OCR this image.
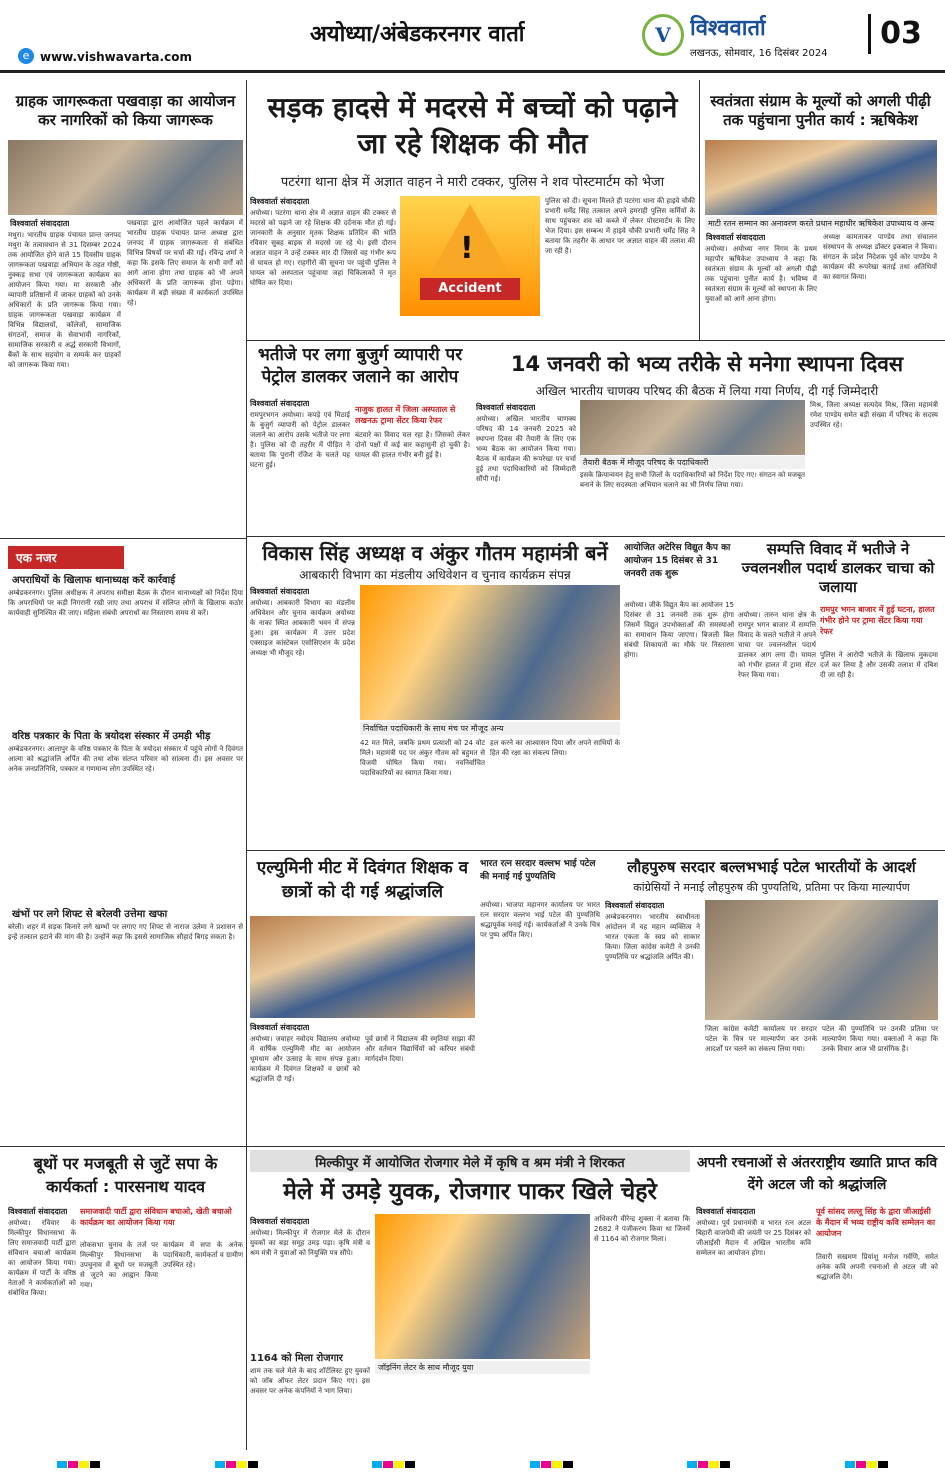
अयोध्या/अंबेडकरनगर वार्ता
e www.vishwavarta.com
V विश्ववार्ता
लखनऊ, सोमवार, 16 दिसंबर 2024
03
ग्राहक जागरूकता पखवाड़ा का आयोजन कर नागरिकों को किया जागरूक
विश्ववार्ता संवाददाता
मथुरा। भारतीय ग्राहक पंचायत प्रान्त जनपद मथुरा के तत्वावधान से 31 दिसम्बर 2024 तक आयोजित होने वाले 15 दिवसीय ग्राहक जागरूकता पखवाड़ा अभियान के तहत गोष्ठी, नुक्कड़ सभा एवं जागरूकता कार्यक्रम का आयोजन किया गया। मा सरकारी और व्यापारी प्रतिष्ठानों में जाकर ग्राहकों को उनके अधिकारों के प्रति जागरूक किया गया। ग्राहक जागरूकता पखवाड़ा कार्यक्रम में विभिन्न विद्यालयों, कॉलेजों, सामाजिक संगठनों, समाज के सेवाभावी नागरिकों, सामाजिक सरकारी व अर्द्ध सरकारी विभागों, बैंकों के साथ सहयोग व सम्पर्क कर ग्राहकों को जागरूक किया गया।
पखवाड़ा द्वारा आयोजित पहले कार्यक्रम में भारतीय ग्राहक पंचायत प्रान्त अध्यक्ष द्वारा जनपद में ग्राहक जागरूकता से संबंधित विभिन्न विषयों पर चर्चा की गई। रविन्द्र शर्मा ने कहा कि इसके लिए समाज के सभी वर्गों को आगे आना होगा तथा ग्राहक को भी अपने अधिकारों के प्रति जागरूक होना पड़ेगा। कार्यक्रम में बड़ी संख्या में कार्यकर्ता उपस्थित रहे।
एक नजर
अपराधियों के खिलाफ थानाध्यक्ष करें कार्रवाई
अम्बेडकरनगर। पुलिस अधीक्षक ने अपराध समीक्षा बैठक के दौरान थानाध्यक्षों को निर्देश दिया कि अपराधियों पर कड़ी निगरानी रखी जाए तथा अपराध में संलिप्त लोगों के खिलाफ कठोर कार्यवाही सुनिश्चित की जाए। महिला संबंधी अपराधों का निस्तारण समय से करें।
वरिष्ठ पत्रकार के पिता के त्रयोदश संस्कार में उमड़ी भीड़
अम्बेडकरनगर। आलापुर के वरिष्ठ पत्रकार के पिता के त्रयोदश संस्कार में पहुंचे लोगों ने दिवंगत आत्मा को श्रद्धांजलि अर्पित की तथा शोक संतप्त परिवार को सांत्वना दी। इस अवसर पर अनेक जनप्रतिनिधि, पत्रकार व गणमान्य लोग उपस्थित रहे।
खंभों पर लगे शिफ्ट से बरेलवी उत्तेमा खफा
बरेली। शहर में सड़क किनारे लगे खम्भों पर लगाए गए शिफ्ट से नाराज उलेमा ने प्रशासन से इन्हें तत्काल हटाने की मांग की है। उन्होंने कहा कि इससे सामाजिक सौहार्द बिगड़ सकता है।
सड़क हादसे में मदरसे में बच्चों को पढ़ाने जा रहे शिक्षक की मौत
पटरंगा थाना क्षेत्र में अज्ञात वाहन ने मारी टक्कर, पुलिस ने शव पोस्टमार्टम को भेजा
विश्ववार्ता संवाददाता
अयोध्या। पटरंगा थाना क्षेत्र में अज्ञात वाहन की टक्कर से मदरसे को पढ़ाने जा रहे शिक्षक की दर्दनाक मौत हो गई। जानकारी के अनुसार मृतक शिक्षक प्रतिदिन की भांति रविवार सुबह बाइक से मदरसे जा रहे थे। इसी दौरान अज्ञात वाहन ने उन्हें टक्कर मार दी जिससे वह गंभीर रूप से घायल हो गए। राहगीरों की सूचना पर पहुंची पुलिस ने घायल को अस्पताल पहुंचाया जहां चिकित्सकों ने मृत घोषित कर दिया।
!
Accident
पुलिस को दी। सूचना मिलते ही पटरंगा थाना की हाइवे चौकी प्रभारी धर्मेंद्र सिंह तत्काल अपने हमराही पुलिस कर्मियों के साथ पहुंचकर शव को कब्जे में लेकर पोस्टमार्टम के लिए भेज दिया। इस सम्बन्ध में हाइवे चौकी प्रभारी धर्मेंद्र सिंह ने बताया कि तहरीर के आधार पर अज्ञात वाहन की तलाश की जा रही है।
स्वतंत्रता संग्राम के मूल्यों को अगली पीढ़ी तक पहुंचाना पुनीत कार्य : ऋषिकेश
माटी रतन सम्मान का अनावरण करते प्रधान महाधीर ऋषिकेश उपाध्याय व अन्य
विश्ववार्ता संवाददाता
अयोध्या। अयोध्या नगर निगम के प्रथम महापौर ऋषिकेश उपाध्याय ने कहा कि स्वतंत्रता संग्राम के मूल्यों को अगली पीढ़ी तक पहुंचाना पुनीत कार्य है। भविष्य में स्वतंत्रता संग्राम के मूल्यों को स्थापना के लिए युवाओं को आगे आना होगा।
अध्यक्ष कामताकर पाण्डेय तथा संचालन संस्थापन के अध्यक्ष डॉक्टर इकबाल ने किया। संगठन के प्रदेश निदेशक पूर्व कोर पाण्डेय ने कार्यक्रम की रूपरेखा बताई तथा अतिथियों का स्वागत किया।
भतीजे पर लगा बुजुर्ग व्यापारी पर पेट्रोल डालकर जलाने का आरोप
विश्ववार्ता संवाददाता
रामपुरभगन अयोध्या। कपड़े एवं मिठाई के बुजुर्ग व्यापारी को पेट्रोल डालकर जलाने का आरोप उसके भतीजे पर लगा है। पुलिस को दी तहरीर में पीड़ित ने बताया कि पुरानी रंजिश के चलते यह घटना हुई।
नाजुक हालत में जिला अस्पताल से लखनऊ ट्रामा सेंटर किया रेफर
बंटवारे का विवाद चल रहा है। जिसको लेकर दोनों पक्षों में कई बार कहासुनी हो चुकी है। घायल की हालत गंभीर बनी हुई है।
14 जनवरी को भव्य तरीके से मनेगा स्थापना दिवस
अखिल भारतीय चाणक्य परिषद की बैठक में लिया गया निर्णय, दी गई जिम्मेदारी
विश्ववार्ता संवाददाता
अयोध्या। अखिल भारतीय चाणक्य परिषद की 14 जनवरी 2025 को स्थापना दिवस की तैयारी के लिए एक भव्य बैठक का आयोजन किया गया। बैठक में कार्यक्रम की रूपरेखा पर चर्चा हुई तथा पदाधिकारियों को जिम्मेदारी सौंपी गई।
तैयारी बैठक में मौजूद परिषद के पदाधिकारी
इसके क्रियान्वयन हेतु सभी जिलों के पदाधिकारियों को निर्देश दिए गए। संगठन को मजबूत बनाने के लिए सदस्यता अभियान चलाने का भी निर्णय लिया गया।
मिश्र, जिला अध्यक्ष सत्यदेव मिश्र, जिला महामंत्री रमेश पाण्डेय समेत बड़ी संख्या में परिषद के सदस्य उपस्थित रहे।
विकास सिंह अध्यक्ष व अंकुर गौतम महामंत्री बनें
आबकारी विभाग का मंडलीय अधिवेशन व चुनाव कार्यक्रम संपन्न
विश्ववार्ता संवाददाता
अयोध्या। आबकारी विभाग का मंडलीय अधिवेशन और चुनाव कार्यक्रम अयोध्या के नाका स्थित आबकारी भवन में संपन्न हुआ। इस कार्यक्रम में उत्तर प्रदेश एक्साइज कांस्टेबल एसोसिएशन के प्रदेश अध्यक्ष भी मौजूद रहे।
निर्वाचित पदाधिकारी के साथ मंच पर मौजूद अन्य
42 मत मिले, जबकि प्रथम प्रत्याशी को 24 वोट मिले। महामंत्री पद पर अंकुर गौतम को बहुमत से विजयी घोषित किया गया। नवनिर्वाचित पदाधिकारियों का स्वागत किया गया।
हल करने का आश्वासन दिया और अपने साथियों के हित की रक्षा का संकल्प लिया।
आयोजित अटेरिस विद्युत कैप का आयोजन 15 दिसंबर से 31 जनवरी तक शुरू
अयोध्या। जीके विद्युत कैप का आयोजन 15 दिसंबर से 31 जनवरी तक शुरू होगा जिसमें विद्युत उपभोक्ताओं की समस्याओं का समाधान किया जाएगा। बिजली बिल संबंधी शिकायतों का मौके पर निस्तारण होगा।
सम्पत्ति विवाद में भतीजे ने ज्वलनशील पदार्थ डालकर चाचा को जलाया
रामपुर भगन बाजार में हुई घटना, हालत गंभीर होने पर ट्रामा सेंटर किया गया रेफर
अयोध्या। तारुन थाना क्षेत्र के रामपुर भगन बाजार में सम्पत्ति विवाद के चलते भतीजे ने अपने चाचा पर ज्वलनशील पदार्थ डालकर आग लगा दी। घायल को गंभीर हालत में ट्रामा सेंटर रेफर किया गया।
पुलिस ने आरोपी भतीजे के खिलाफ मुकदमा दर्ज कर लिया है और उसकी तलाश में दबिश दी जा रही है।
एल्युमिनी मीट में दिवंगत शिक्षक व छात्रों को दी गई श्रद्धांजलि
विश्ववार्ता संवाददाता
अयोध्या। जवाहर नवोदय विद्यालय अयोध्या में वार्षिक एल्युमिनी मीट का आयोजन धूमधाम और उत्साह के साथ संपन्न हुआ। कार्यक्रम में दिवंगत शिक्षकों व छात्रों को श्रद्धांजलि दी गई।
पूर्व छात्रों ने विद्यालय की स्मृतियां साझा कीं और वर्तमान विद्यार्थियों को करियर संबंधी मार्गदर्शन दिया।
भारत रत्न सरदार वल्लभ भाई पटेल की मनाई गई पुण्यतिथि
अयोध्या। भाजपा महानगर कार्यालय पर भारत रत्न सरदार वल्लभ भाई पटेल की पुण्यतिथि श्रद्धापूर्वक मनाई गई। कार्यकर्ताओं ने उनके चित्र पर पुष्प अर्पित किए।
लौहपुरुष सरदार बल्लभभाई पटेल भारतीयों के आदर्श
कांग्रेसियों ने मनाई लौहपुरुष की पुण्यतिथि, प्रतिमा पर किया माल्यार्पण
विश्ववार्ता संवाददाता
अम्बेडकरनगर। भारतीय स्वाधीनता आंदोलन में वह महान व्यक्तित्व ने भारत एकता के स्वप्न को साकार किया। जिला कांग्रेस कमेटी ने उनकी पुण्यतिथि पर श्रद्धांजलि अर्पित की।
जिला कांग्रेस कमेटी कार्यालय पर सरदार पटेल के चित्र पर माल्यार्पण कर उनके आदर्शों पर चलने का संकल्प लिया गया।
पटेल की पुण्यतिथि पर उनकी प्रतिमा पर माल्यार्पण किया गया। वक्ताओं ने कहा कि उनके विचार आज भी प्रासंगिक हैं।
बूथों पर मजबूती से जुटें सपा के कार्यकर्ता : पारसनाथ यादव
विश्ववार्ता संवाददाता
अयोध्या। रविवार के मिल्कीपुर विधानसभा के लिए समाजवादी पार्टी द्वारा संविधान बचाओ कार्यक्रम का आयोजन किया गया। कार्यक्रम में पार्टी के वरिष्ठ नेताओं ने कार्यकर्ताओं को संबोधित किया।
समाजवादी पार्टी द्वारा संविधान बचाओ, खेती बचाओ कार्यक्रम का आयोजन किया गया
लोकसभा चुनाव के तर्ज पर मिल्कीपुर विधानसभा के उपचुनाव में बूथों पर मजबूती से जुटने का आह्वान किया गया।
कार्यक्रम में सपा के अनेक पदाधिकारी, कार्यकर्ता व ग्रामीण उपस्थित रहे।
मिल्कीपुर में आयोजित रोजगार मेले में कृषि व श्रम मंत्री ने शिरकत
मेले में उमड़े युवक, रोजगार पाकर खिले चेहरे
विश्ववार्ता संवाददाता
अयोध्या। मिल्कीपुर में रोजगार मेले के दौरान युवकों का बड़ा समूह उमड़ पड़ा। कृषि मंत्री व श्रम मंत्री ने युवाओं को नियुक्ति पत्र सौंपे।
1164 को मिला रोजगार
शाम तक चले मेले के बाद शॉर्टलिस्ट हुए युवकों को जॉब ऑफर लेटर प्रदान किए गए। इस अवसर पर अनेक कंपनियों ने भाग लिया।
जॉइनिंग लेटर के साथ मौजूद युवा
अधिकारी वीरेन्द्र शुक्ला ने बताया कि 2682 ने पंजीकरण किया था जिनमें से 1164 को रोजगार मिला।
अपनी रचनाओं से अंतरराष्ट्रीय ख्याति प्राप्त कवि देंगे अटल जी को श्रद्धांजलि
विश्ववार्ता संवाददाता
अयोध्या। पूर्व प्रधानमंत्री व भारत रत्न अटल बिहारी वाजपेयी की जयंती पर 25 दिसंबर को जीआईसी मैदान में अखिल भारतीय कवि सम्मेलन का आयोजन होगा।
पूर्व सांसद लल्लू सिंह के द्वारा जीआईसी के मैदान में भव्य राष्ट्रीय कवि सम्मेलन का आयोजन
तिवारी सखमण प्रियांशु मनोज गर्वणि, समेत अनेक कवि अपनी रचनाओं से अटल जी को श्रद्धांजलि देंगे।
